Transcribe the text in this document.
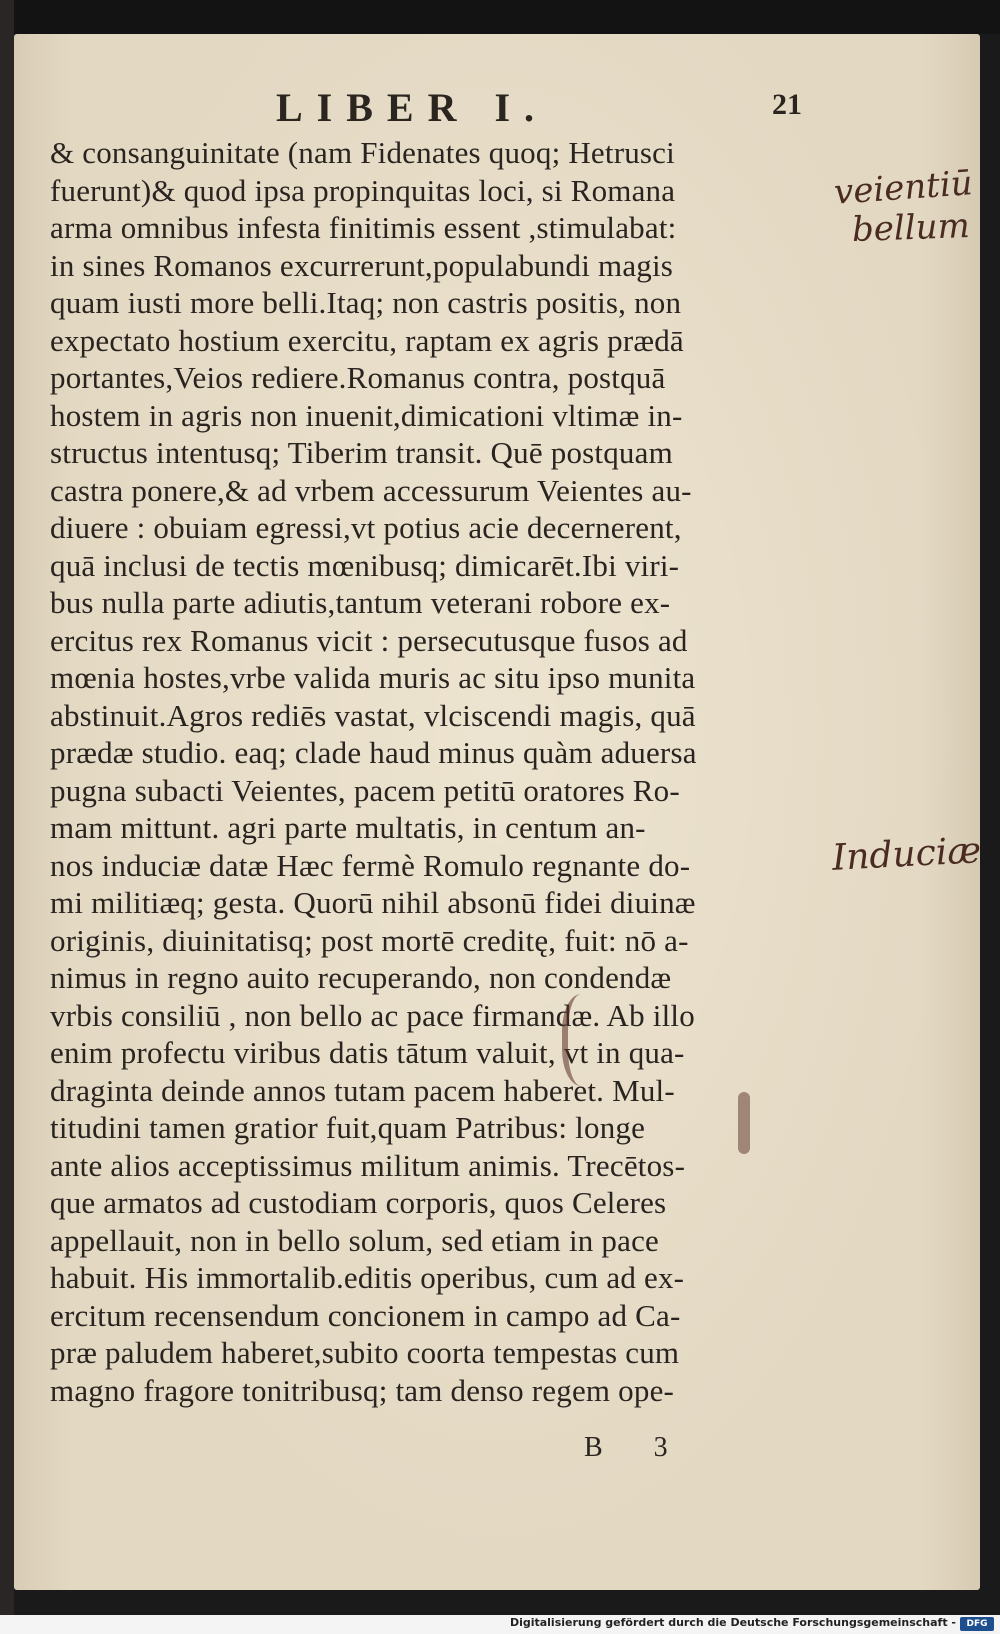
LIBER I.	21
& consanguinitate (nam Fidenates quoq; Hetrusci
fuerunt)& quod ipsa propinquitas loci, si Romana
arma omnibus infesta finitimis essent ,stimulabat:
in sines Romanos excurrerunt,populabundi magis
quam iusti more belli.Itaq; non castris positis, non
expectato hostium exercitu, raptam ex agris prædā
portantes,Veios rediere.Romanus contra, postquā
hostem in agris non inuenit,dimicationi vltimæ in-
structus intentusq; Tiberim transit. Quē postquam
castra ponere,& ad vrbem accessurum Veientes au-
diuere : obuiam egressi,vt potius acie decernerent,
quā inclusi de tectis mœnibusq; dimicarēt.Ibi viri-
bus nulla parte adiutis,tantum veterani robore ex-
ercitus rex Romanus vicit : persecutusque fusos ad
mœnia hostes,vrbe valida muris ac situ ipso munita
abstinuit.Agros rediēs vastat, vlciscendi magis, quā
prædæ studio. eaq; clade haud minus quàm aduersa
pugna subacti Veientes, pacem petitū oratores Ro-
mam mittunt. agri parte multatis, in centum an-
nos induciæ datæ Hæc fermè Romulo regnante do-
mi militiæq; gesta. Quorū nihil absonū fidei diuinæ
originis, diuinitatisq; post mortē creditę, fuit: nō a-
nimus in regno auito recuperando, non condendæ
vrbis consiliū , non bello ac pace firmandæ. Ab illo
enim profectu viribus datis tātum valuit, vt in qua-
draginta deinde annos tutam pacem haberet. Mul-
titudini tamen gratior fuit,quam Patribus: longe
ante alios acceptissimus militum animis. Trecētos-
que armatos ad custodiam corporis, quos Celeres
appellauit, non in bello solum, sed etiam in pace
habuit. His immortalib.editis operibus, cum ad ex-
ercitum recensendum concionem in campo ad Ca-
præ paludem haberet,subito coorta tempestas cum
magno fragore tonitribusq; tam denso regem ope-
B 3
veientiū
bellum
Induciæ
Digitalisierung gefördert durch die Deutsche Forschungsgemeinschaft -	DFG
